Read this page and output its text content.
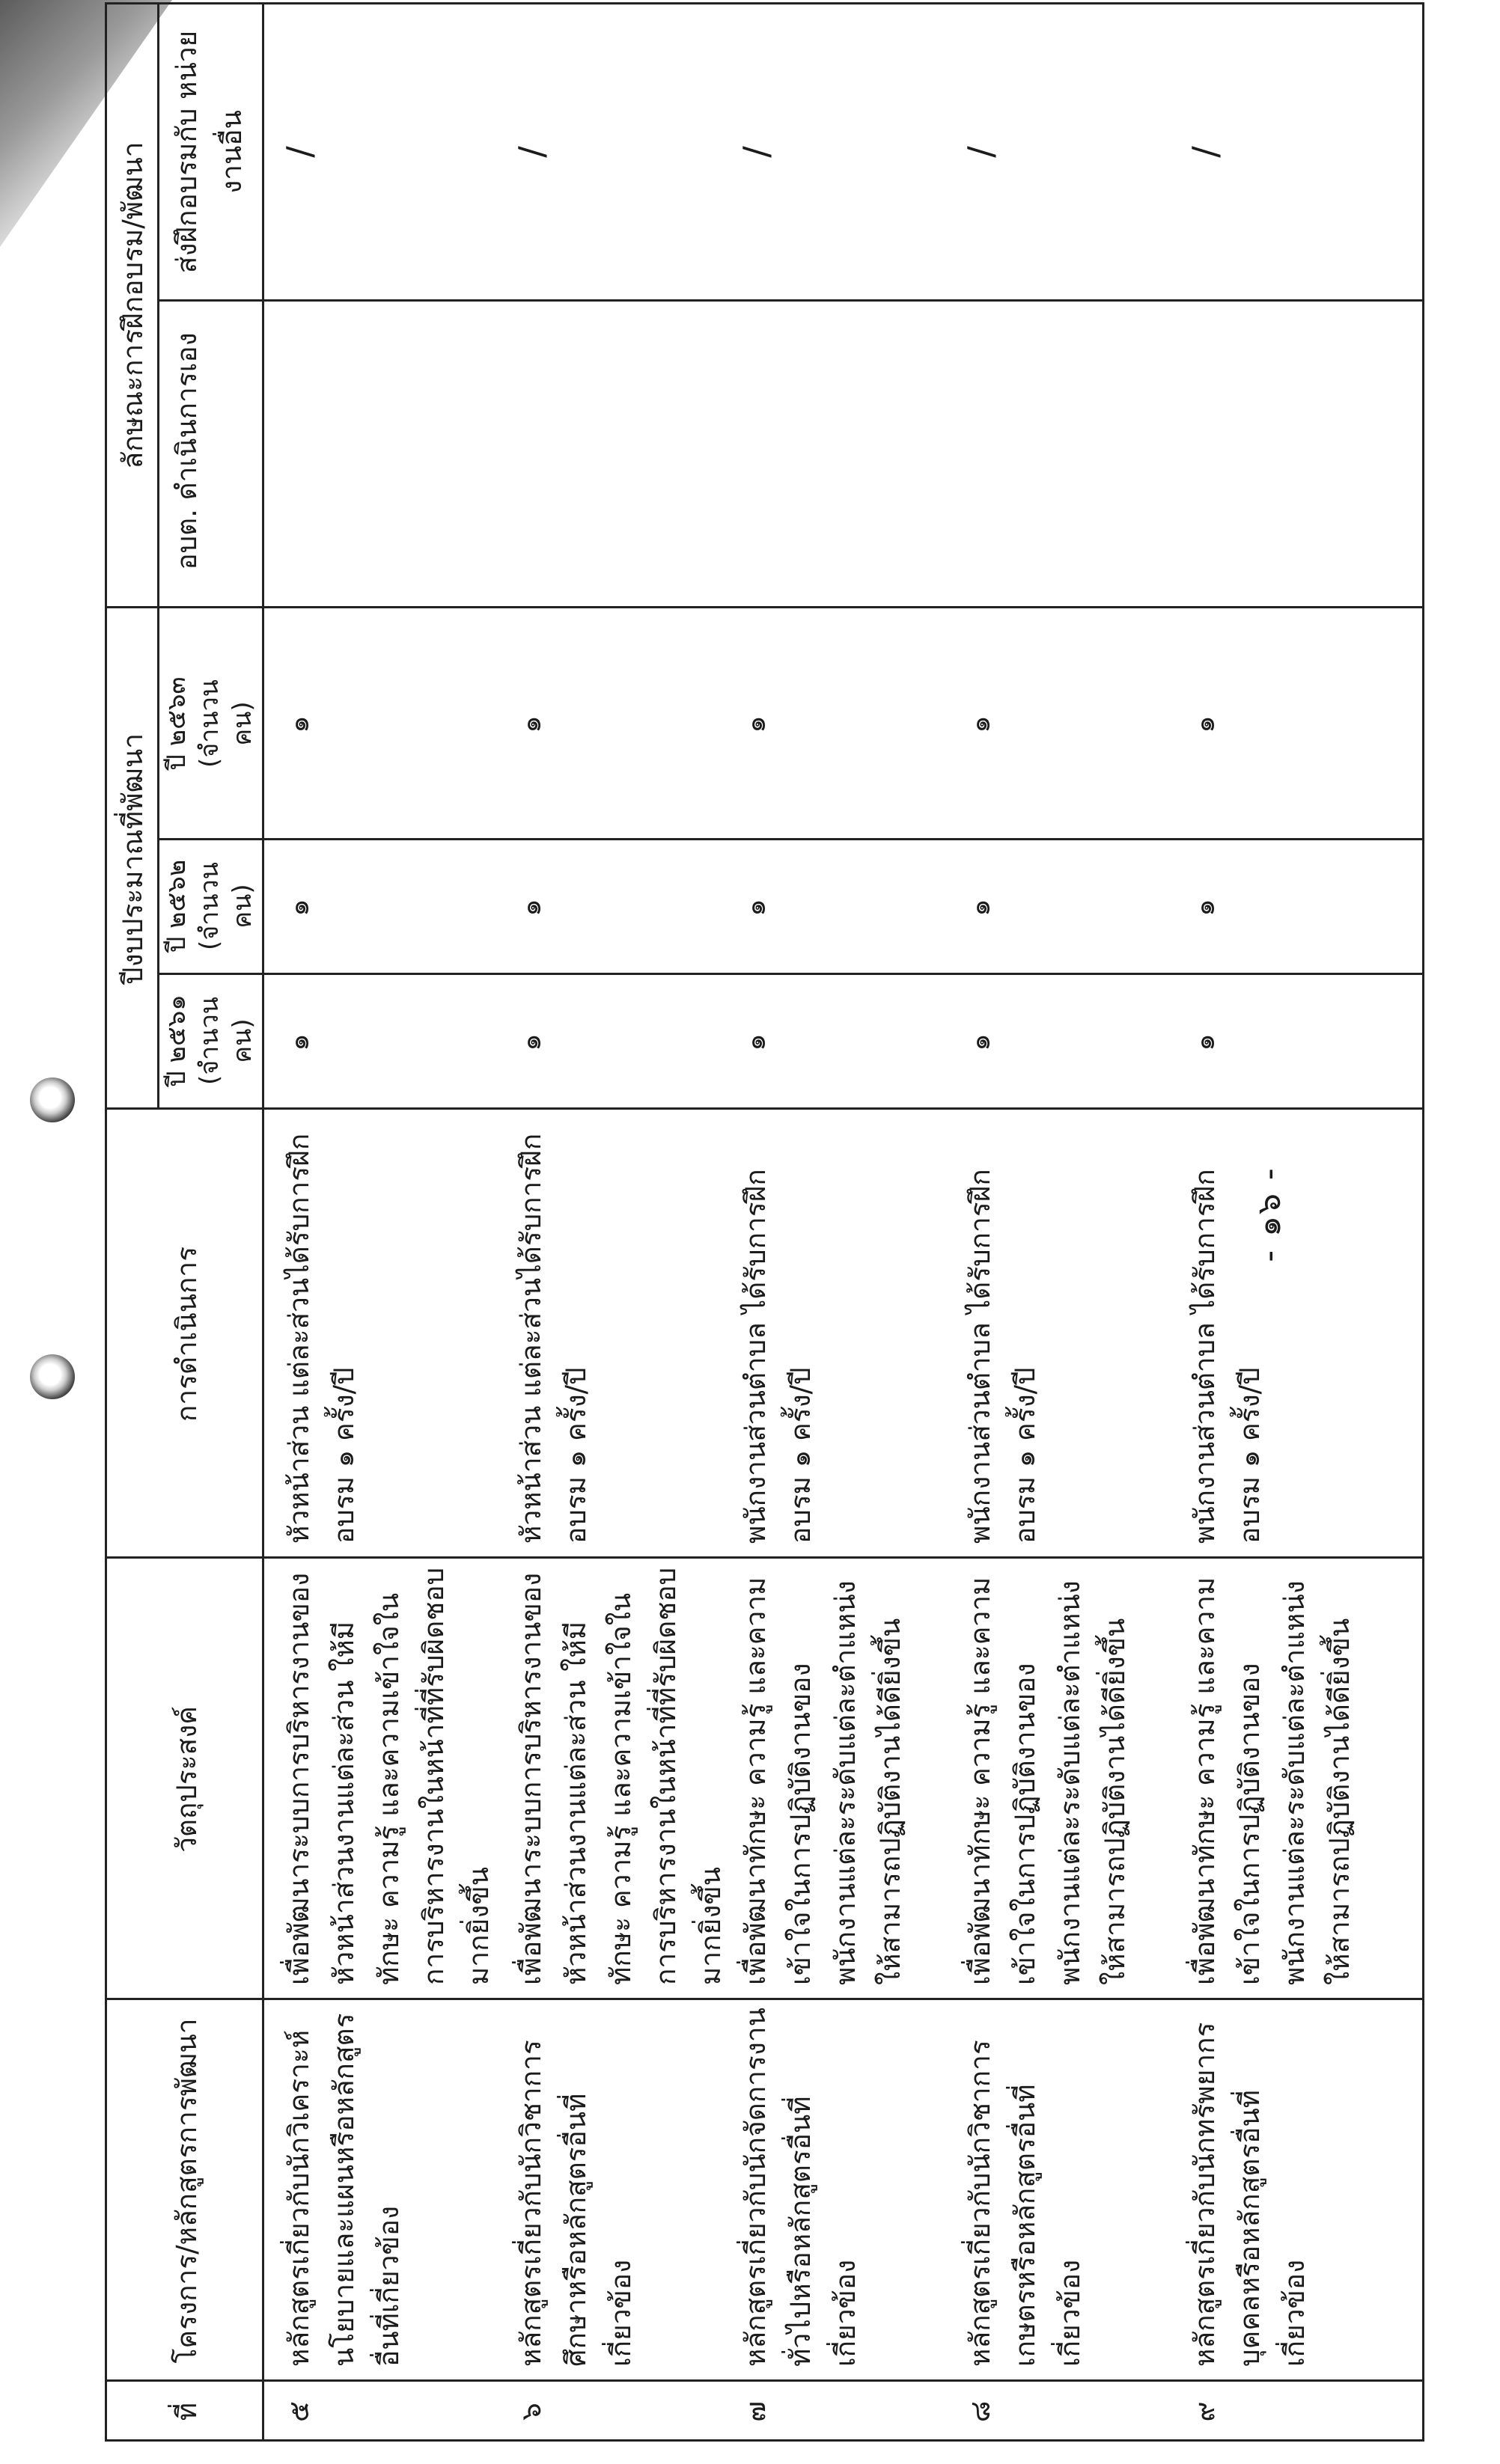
- ๑๖ -
ที่
โครงการ/หลักสูตรการพัฒนา
วัตถุประสงค์
การดำเนินการ
ปีงบประมาณที่พัฒนา
ปี ๒๕๖๑ (จำนวน คน)
ปี ๒๕๖๒ (จำนวน คน)
ปี ๒๕๖๓ (จำนวน คน)
ลักษณะการฝึกอบรม/พัฒนา อบต. ดำเนินการเอง
ส่งฝึกอบรมกับ หน่วยงานอื่น
๕
หลักสูตรเกี่ยวกับนักวิเคราะห์นโยบายและแผนหรือหลักสูตรอื่นที่เกี่ยวข้อง
เพื่อพัฒนาระบบการบริหารงานของหัวหน้าส่วนงานแต่ละส่วน ให้มีทักษะ ความรู้ และความเข้าใจในการบริหารงานในหน้าที่ที่รับผิดชอบมากยิ่งขึ้น
หัวหน้าส่วน แต่ละส่วนได้รับการฝึกอบรม ๑ ครั้ง/ปี
๑
๑
๑
/
๖
หลักสูตรเกี่ยวกับนักวิชาการศึกษาหรือหลักสูตรอื่นที่เกี่ยวข้อง
เพื่อพัฒนาระบบการบริหารงานของหัวหน้าส่วนงานแต่ละส่วน ให้มีทักษะ ความรู้ และความเข้าใจในการบริหารงานในหน้าที่ที่รับผิดชอบมากยิ่งขึ้น
หัวหน้าส่วน แต่ละส่วนได้รับการฝึกอบรม ๑ ครั้ง/ปี
๑
๑
๑
/
๗
หลักสูตรเกี่ยวกับนักจัดการงานทั่วไปหรือหลักสูตรอื่นที่เกี่ยวข้อง
เพื่อพัฒนาทักษะ ความรู้ และความเข้าใจในการปฏิบัติงานของพนักงานแต่ละระดับแต่ละตำแหน่งให้สามารถปฏิบัติงานได้ดียิ่งขึ้น
พนักงานส่วนตำบล ได้รับการฝึกอบรม ๑ ครั้ง/ปี
๑
๑
๑
/
๘
หลักสูตรเกี่ยวกับนักวิชาการเกษตรหรือหลักสูตรอื่นที่เกี่ยวข้อง
เพื่อพัฒนาทักษะ ความรู้ และความเข้าใจในการปฏิบัติงานของพนักงานแต่ละระดับแต่ละตำแหน่งให้สามารถปฏิบัติงานได้ดียิ่งขึ้น
พนักงานส่วนตำบล ได้รับการฝึกอบรม ๑ ครั้ง/ปี
๑
๑
๑
/
๙
หลักสูตรเกี่ยวกับนักทรัพยากรบุคคลหรือหลักสูตรอื่นที่เกี่ยวข้อง
เพื่อพัฒนาทักษะ ความรู้ และความเข้าใจในการปฏิบัติงานของพนักงานแต่ละระดับแต่ละตำแหน่งให้สามารถปฏิบัติงานได้ดียิ่งขึ้น
พนักงานส่วนตำบล ได้รับการฝึกอบรม ๑ ครั้ง/ปี
๑
๑
๑
/
